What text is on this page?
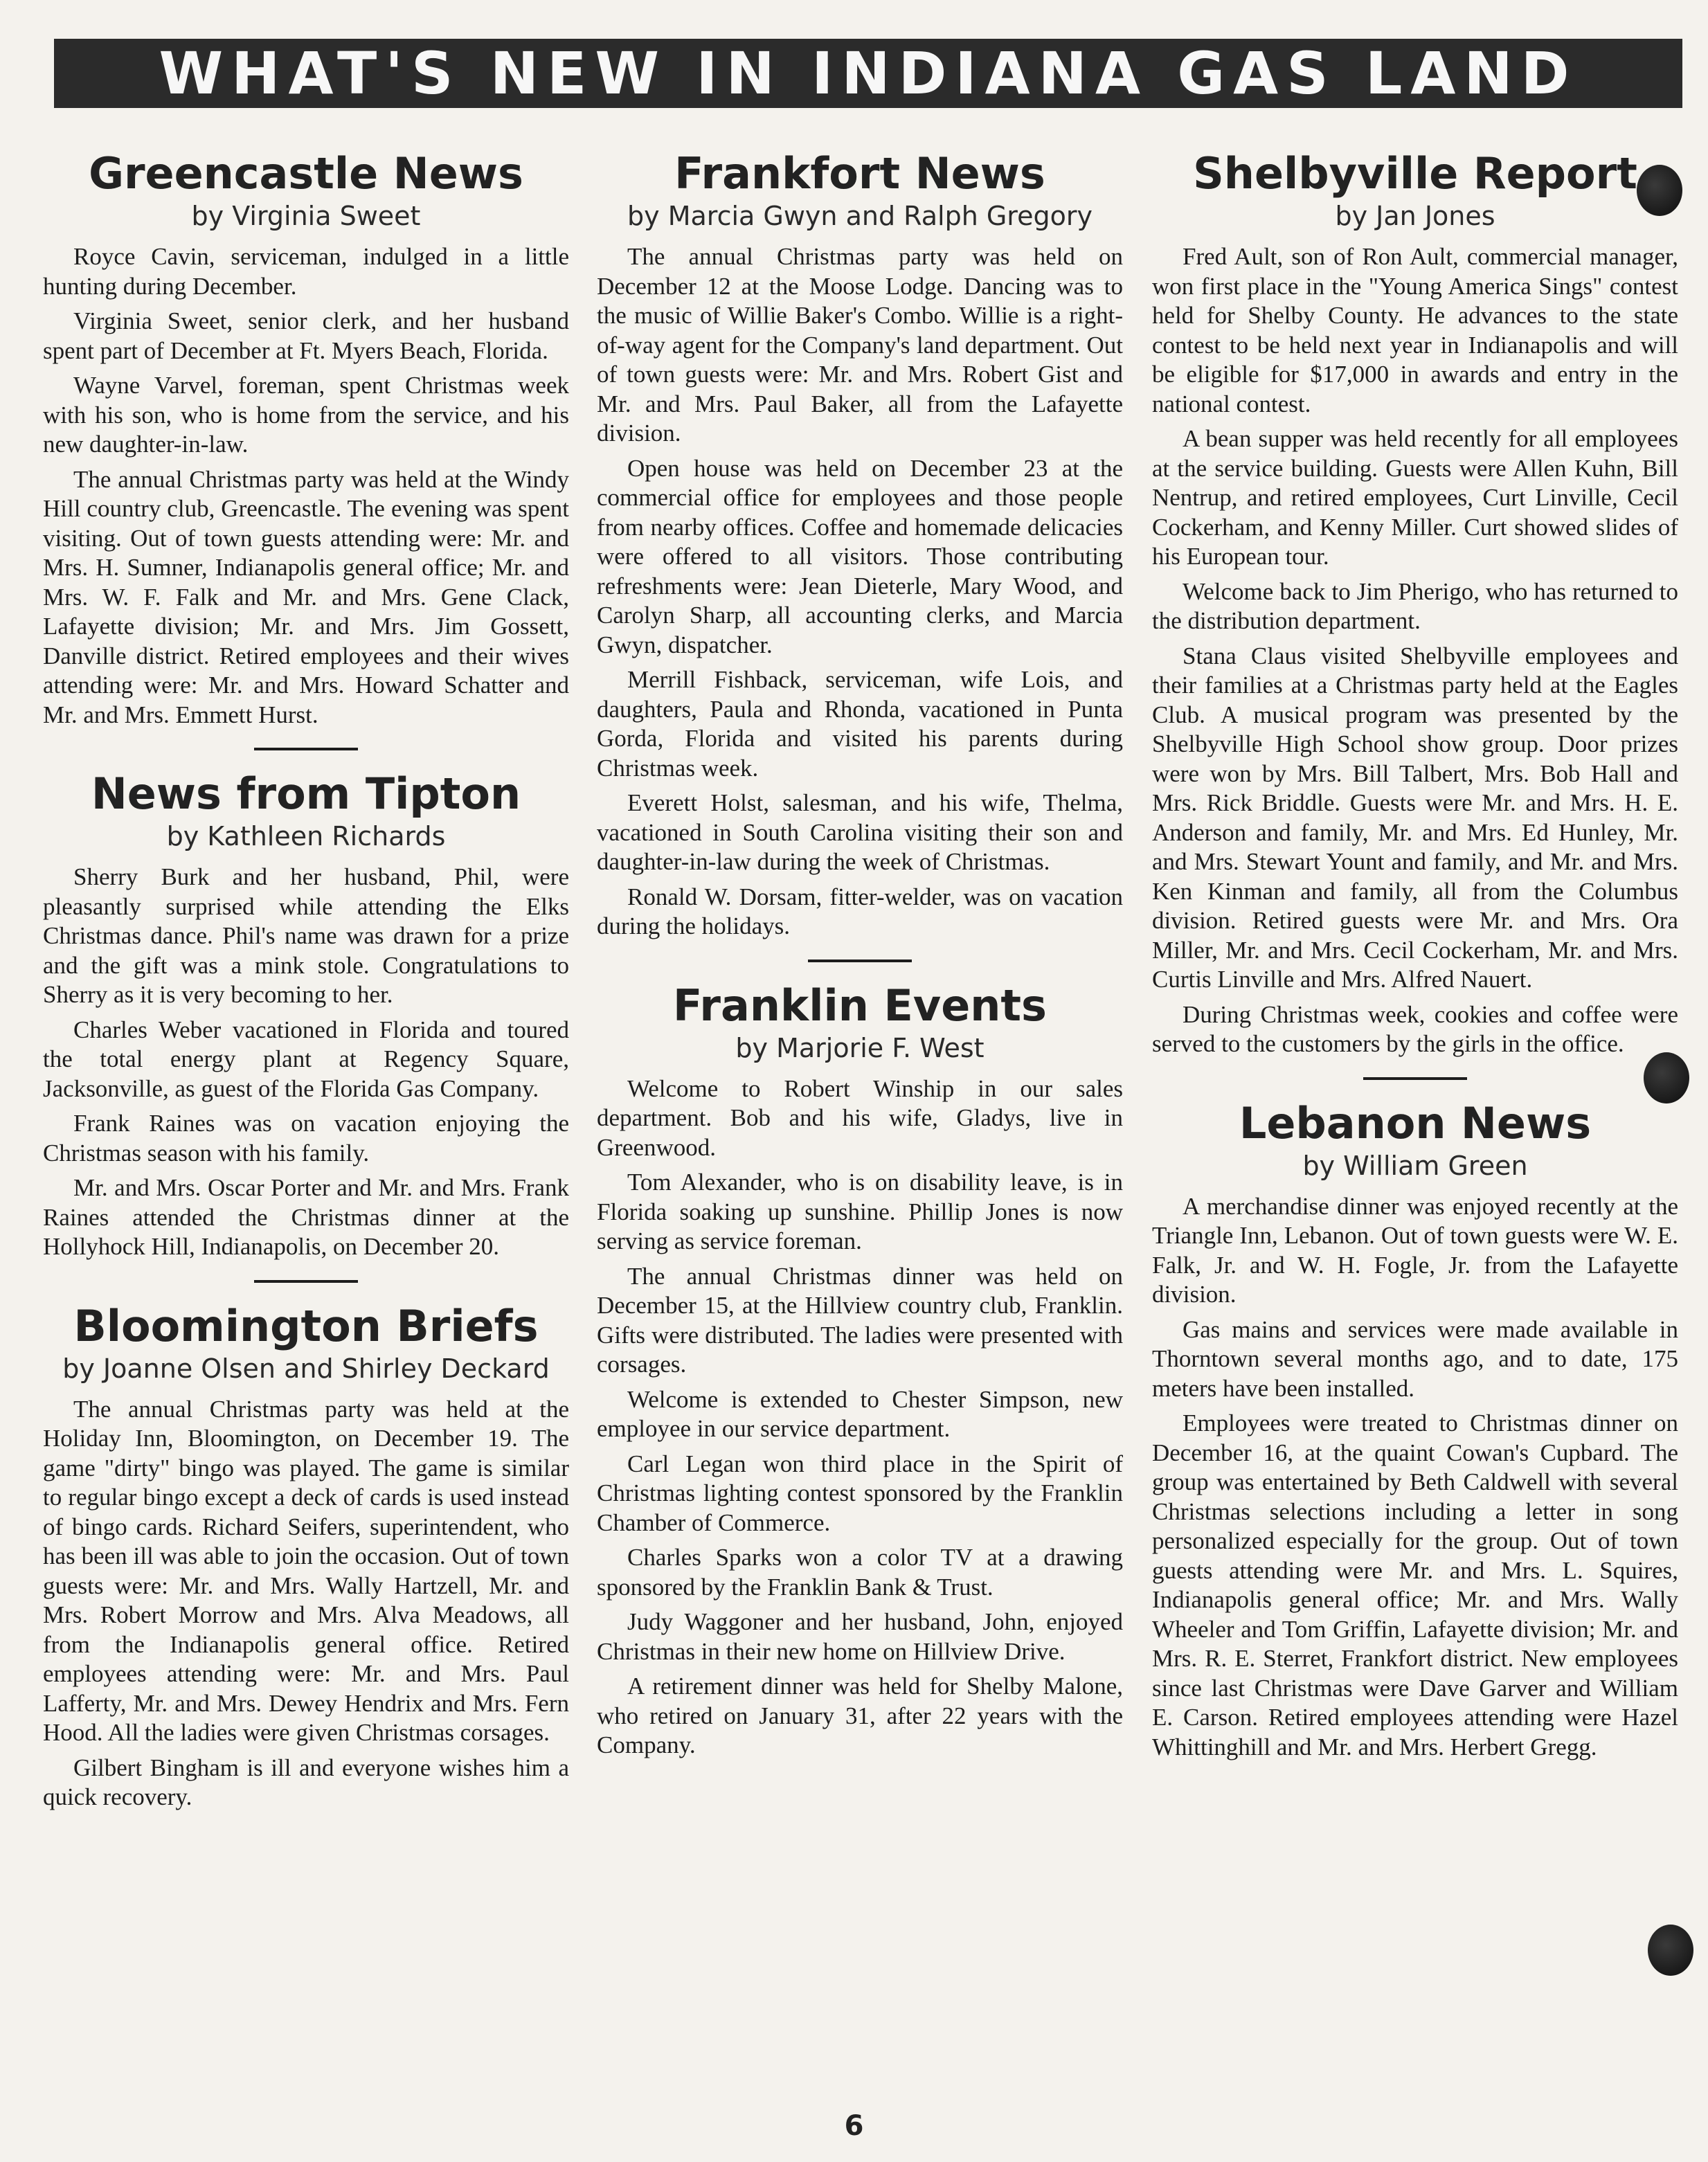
WHAT'S NEW IN INDIANA GAS LAND
Greencastle News
by Virginia Sweet

Royce Cavin, serviceman, indulged in a little hunting during December.

Virginia Sweet, senior clerk, and her husband spent part of December at Ft. Myers Beach, Florida.

Wayne Varvel, foreman, spent Christmas week with his son, who is home from the service, and his new daughter-in-law.

The annual Christmas party was held at the Windy Hill country club, Greencastle. The evening was spent visiting. Out of town guests attending were: Mr. and Mrs. H. Sumner, Indianapolis general office; Mr. and Mrs. W. F. Falk and Mr. and Mrs. Gene Clack, Lafayette division; Mr. and Mrs. Jim Gossett, Danville district. Retired employees and their wives attending were: Mr. and Mrs. Howard Schatter and Mr. and Mrs. Emmett Hurst.

News from Tipton
by Kathleen Richards

Sherry Burk and her husband, Phil, were pleasantly surprised while attending the Elks Christmas dance. Phil's name was drawn for a prize and the gift was a mink stole. Congratulations to Sherry as it is very becoming to her.

Charles Weber vacationed in Florida and toured the total energy plant at Regency Square, Jacksonville, as guest of the Florida Gas Company.

Frank Raines was on vacation enjoying the Christmas season with his family.

Mr. and Mrs. Oscar Porter and Mr. and Mrs. Frank Raines attended the Christmas dinner at the Hollyhock Hill, Indianapolis, on December 20.

Bloomington Briefs
by Joanne Olsen and Shirley Deckard

The annual Christmas party was held at the Holiday Inn, Bloomington, on December 19. The game "dirty" bingo was played. The game is similar to regular bingo except a deck of cards is used instead of bingo cards. Richard Seifers, superintendent, who has been ill was able to join the occasion. Out of town guests were: Mr. and Mrs. Wally Hartzell, Mr. and Mrs. Robert Morrow and Mrs. Alva Meadows, all from the Indianapolis general office. Retired employees attending were: Mr. and Mrs. Paul Lafferty, Mr. and Mrs. Dewey Hendrix and Mrs. Fern Hood. All the ladies were given Christmas corsages.

Gilbert Bingham is ill and everyone wishes him a quick recovery.

Frankfort News
by Marcia Gwyn and Ralph Gregory

The annual Christmas party was held on December 12 at the Moose Lodge. Dancing was to the music of Willie Baker's Combo. Willie is a right-of-way agent for the Company's land department. Out of town guests were: Mr. and Mrs. Robert Gist and Mr. and Mrs. Paul Baker, all from the Lafayette division.

Open house was held on December 23 at the commercial office for employees and those people from nearby offices. Coffee and homemade delicacies were offered to all visitors. Those contributing refreshments were: Jean Dieterle, Mary Wood, and Carolyn Sharp, all accounting clerks, and Marcia Gwyn, dispatcher.

Merrill Fishback, serviceman, wife Lois, and daughters, Paula and Rhonda, vacationed in Punta Gorda, Florida and visited his parents during Christmas week.

Everett Holst, salesman, and his wife, Thelma, vacationed in South Carolina visiting their son and daughter-in-law during the week of Christmas.

Ronald W. Dorsam, fitter-welder, was on vacation during the holidays.

Franklin Events
by Marjorie F. West

Welcome to Robert Winship in our sales department. Bob and his wife, Gladys, live in Greenwood.

Tom Alexander, who is on disability leave, is in Florida soaking up sunshine. Phillip Jones is now serving as service foreman.

The annual Christmas dinner was held on December 15, at the Hillview country club, Franklin. Gifts were distributed. The ladies were presented with corsages.

Welcome is extended to Chester Simpson, new employee in our service department.

Carl Legan won third place in the Spirit of Christmas lighting contest sponsored by the Franklin Chamber of Commerce.

Charles Sparks won a color TV at a drawing sponsored by the Franklin Bank & Trust.

Judy Waggoner and her husband, John, enjoyed Christmas in their new home on Hillview Drive.

A retirement dinner was held for Shelby Malone, who retired on January 31, after 22 years with the Company.

Shelbyville Report
by Jan Jones

Fred Ault, son of Ron Ault, commercial manager, won first place in the "Young America Sings" contest held for Shelby County. He advances to the state contest to be held next year in Indianapolis and will be eligible for $17,000 in awards and entry in the national contest.

A bean supper was held recently for all employees at the service building. Guests were Allen Kuhn, Bill Nentrup, and retired employees, Curt Linville, Cecil Cockerham, and Kenny Miller. Curt showed slides of his European tour.

Welcome back to Jim Pherigo, who has returned to the distribution department.

Stana Claus visited Shelbyville employees and their families at a Christmas party held at the Eagles Club. A musical program was presented by the Shelbyville High School show group. Door prizes were won by Mrs. Bill Talbert, Mrs. Bob Hall and Mrs. Rick Briddle. Guests were Mr. and Mrs. H. E. Anderson and family, Mr. and Mrs. Ed Hunley, Mr. and Mrs. Stewart Yount and family, and Mr. and Mrs. Ken Kinman and family, all from the Columbus division. Retired guests were Mr. and Mrs. Ora Miller, Mr. and Mrs. Cecil Cockerham, Mr. and Mrs. Curtis Linville and Mrs. Alfred Nauert.

During Christmas week, cookies and coffee were served to the customers by the girls in the office.

Lebanon News
by William Green

A merchandise dinner was enjoyed recently at the Triangle Inn, Lebanon. Out of town guests were W. E. Falk, Jr. and W. H. Fogle, Jr. from the Lafayette division.

Gas mains and services were made available in Thorntown several months ago, and to date, 175 meters have been installed.

Employees were treated to Christmas dinner on December 16, at the quaint Cowan's Cupbard. The group was entertained by Beth Caldwell with several Christmas selections including a letter in song personalized especially for the group. Out of town guests attending were Mr. and Mrs. L. Squires, Indianapolis general office; Mr. and Mrs. Wally Wheeler and Tom Griffin, Lafayette division; Mr. and Mrs. R. E. Sterret, Frankfort district. New employees since last Christmas were Dave Garver and William E. Carson. Retired employees attending were Hazel Whittinghill and Mr. and Mrs. Herbert Gregg.

6
